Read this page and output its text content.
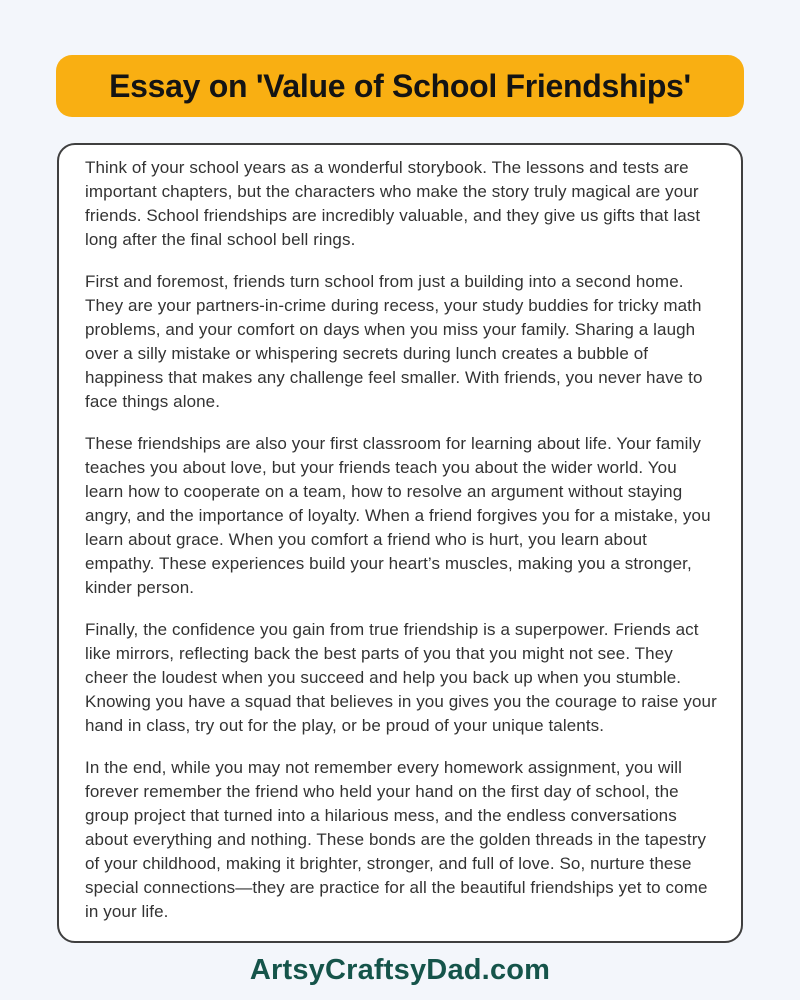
Essay on 'Value of School Friendships'

Think of your school years as a wonderful storybook. The lessons and tests are important chapters, but the characters who make the story truly magical are your friends. School friendships are incredibly valuable, and they give us gifts that last long after the final school bell rings.

First and foremost, friends turn school from just a building into a second home. They are your partners-in-crime during recess, your study buddies for tricky math problems, and your comfort on days when you miss your family. Sharing a laugh over a silly mistake or whispering secrets during lunch creates a bubble of happiness that makes any challenge feel smaller. With friends, you never have to face things alone.

These friendships are also your first classroom for learning about life. Your family teaches you about love, but your friends teach you about the wider world. You learn how to cooperate on a team, how to resolve an argument without staying angry, and the importance of loyalty. When a friend forgives you for a mistake, you learn about grace. When you comfort a friend who is hurt, you learn about empathy. These experiences build your heart’s muscles, making you a stronger, kinder person.

Finally, the confidence you gain from true friendship is a superpower. Friends act like mirrors, reflecting back the best parts of you that you might not see. They cheer the loudest when you succeed and help you back up when you stumble. Knowing you have a squad that believes in you gives you the courage to raise your hand in class, try out for the play, or be proud of your unique talents.

In the end, while you may not remember every homework assignment, you will forever remember the friend who held your hand on the first day of school, the group project that turned into a hilarious mess, and the endless conversations about everything and nothing. These bonds are the golden threads in the tapestry of your childhood, making it brighter, stronger, and full of love. So, nurture these special connections—they are practice for all the beautiful friendships yet to come in your life.

ArtsyCraftsyDad.com
